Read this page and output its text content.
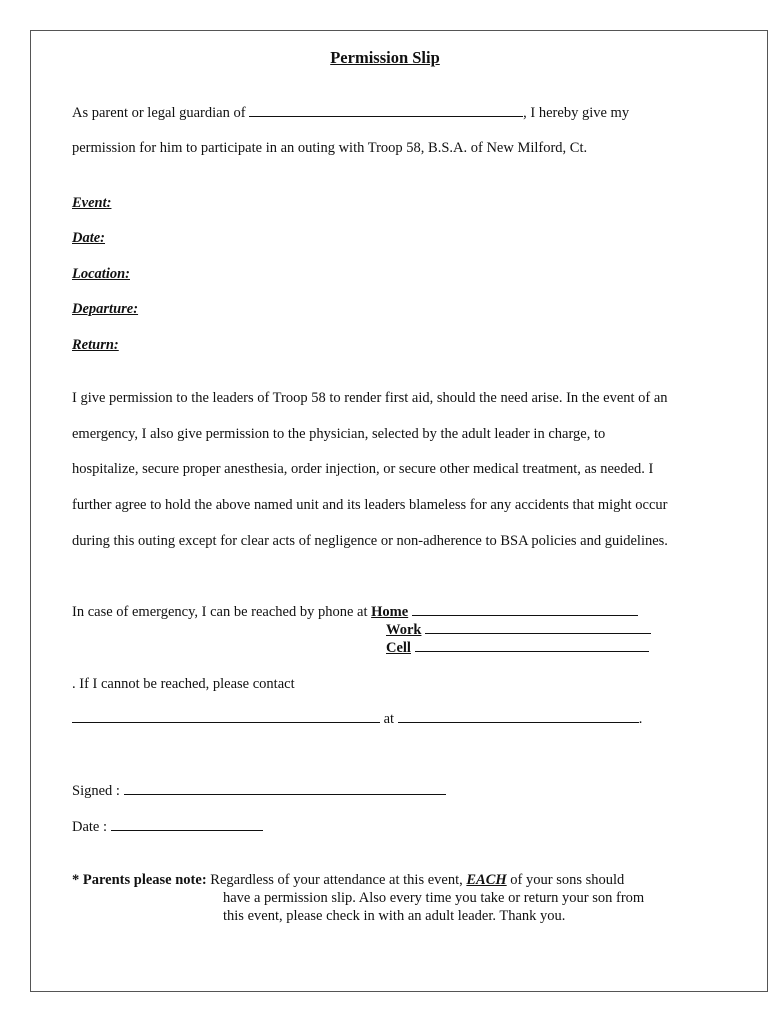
Permission Slip
As parent or legal guardian of	, I hereby give my
permission for him to participate in an outing with Troop 58, B.S.A. of New Milford, Ct.
Event:
Date:
Location:
Departure:
Return:
I give permission to the leaders of Troop 58 to render first aid, should the need arise. In the event of an
emergency, I also give permission to the physician, selected by the adult leader in charge, to
hospitalize, secure proper anesthesia, order injection, or secure other medical treatment, as needed. I
further agree to hold the above named unit and its leaders blameless for any accidents that might occur
during this outing except for clear acts of negligence or non-adherence to BSA policies and guidelines.
In case of emergency, I can be reached by phone at Home
Work
Cell
. If I cannot be reached, please contact
at	.
Signed :
Date :
* Parents please note: Regardless of your attendance at this event, EACH of your sons should
have a permission slip. Also every time you take or return your son from
this event, please check in with an adult leader. Thank you.
